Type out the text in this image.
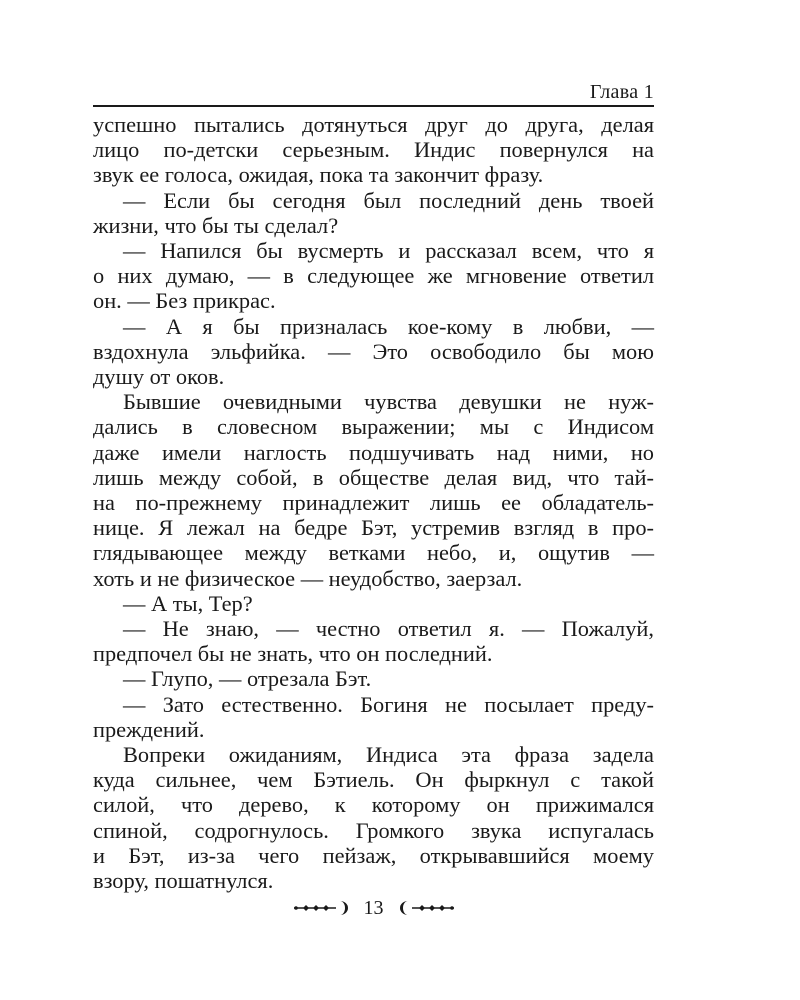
Глава 1

успешно пытались дотянуться друг до друга, делая

лицо по-детски серьезным. Индис повернулся на

звук ее голоса, ожидая, пока та закончит фразу.

— Если бы сегодня был последний день твоей

жизни, что бы ты сделал?

— Напился бы вусмерть и рассказал всем, что я

о них думаю, — в следующее же мгновение ответил

он. — Без прикрас.

— А я бы призналась кое-кому в любви, —

вздохнула эльфийка. — Это освободило бы мою

душу от оков.

Бывшие очевидными чувства девушки не нуж-

дались в словесном выражении; мы с Индисом

даже имели наглость подшучивать над ними, но

лишь между собой, в обществе делая вид, что тай-

на по-прежнему принадлежит лишь ее обладатель-

нице. Я лежал на бедре Бэт, устремив взгляд в про-

глядывающее между ветками небо, и, ощутив —

хоть и не физическое — неудобство, заерзал.

— А ты, Тер?

— Не знаю, — честно ответил я. — Пожалуй,

предпочел бы не знать, что он последний.

— Глупо, — отрезала Бэт.

— Зато естественно. Богиня не посылает преду-

преждений.

Вопреки ожиданиям, Индиса эта фраза задела

куда сильнее, чем Бэтиель. Он фыркнул с такой

силой, что дерево, к которому он прижимался

спиной, содрогнулось. Громкого звука испугалась

и Бэт, из-за чего пейзаж, открывавшийся моему

взору, пошатнулся.

13
